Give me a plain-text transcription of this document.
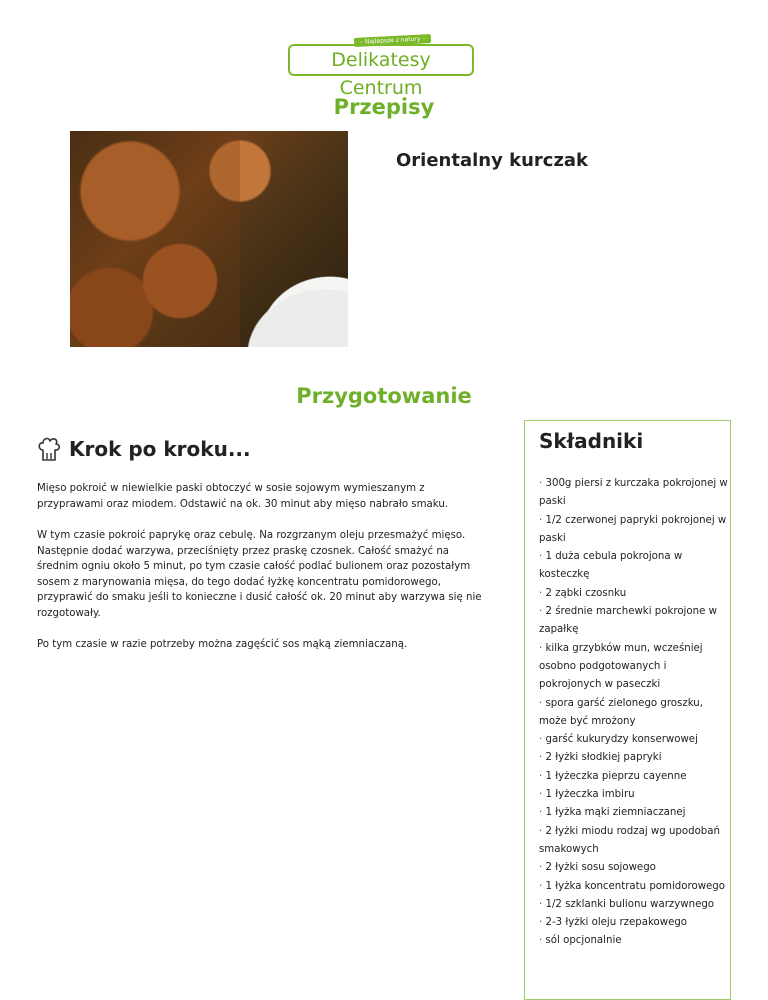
– Najlepsze z natury –
Delikatesy Centrum
Przepisy
Orientalny kurczak
Przygotowanie
Krok po kroku...

Mięso pokroić w niewielkie paski obtoczyć w sosie sojowym wymieszanym z przyprawami oraz miodem. Odstawić na ok. 30 minut aby mięso nabrało smaku.

W tym czasie pokroić paprykę oraz cebulę. Na rozgrzanym oleju przesmażyć mięso. Następnie dodać warzywa, przeciśnięty przez praskę czosnek. Całość smażyć na średnim ogniu około 5 minut, po tym czasie całość podlać bulionem oraz pozostałym sosem z marynowania mięsa, do tego dodać łyżkę koncentratu pomidorowego, przyprawić do smaku jeśli to konieczne i dusić całość ok. 20 minut aby warzywa się nie rozgotowały.

Po tym czasie w razie potrzeby można zagęścić sos mąką ziemniaczaną.

Składniki
· 300g piersi z kurczaka pokrojonej w paski
· 1/2 czerwonej papryki pokrojonej w paski
· 1 duża cebula pokrojona w kosteczkę
· 2 ząbki czosnku
· 2 średnie marchewki pokrojone w zapałkę
· kilka grzybków mun, wcześniej osobno podgotowanych i pokrojonych w paseczki
· spora garść zielonego groszku, może być mrożony
· garść kukurydzy konserwowej
· 2 łyżki słodkiej papryki
· 1 łyżeczka pieprzu cayenne
· 1 łyżeczka imbiru
· 1 łyżka mąki ziemniaczanej
· 2 łyżki miodu rodzaj wg upodobań smakowych
· 2 łyżki sosu sojowego
· 1 łyżka koncentratu pomidorowego
· 1/2 szklanki bulionu warzywnego
· 2-3 łyżki oleju rzepakowego
· sól opcjonalnie
